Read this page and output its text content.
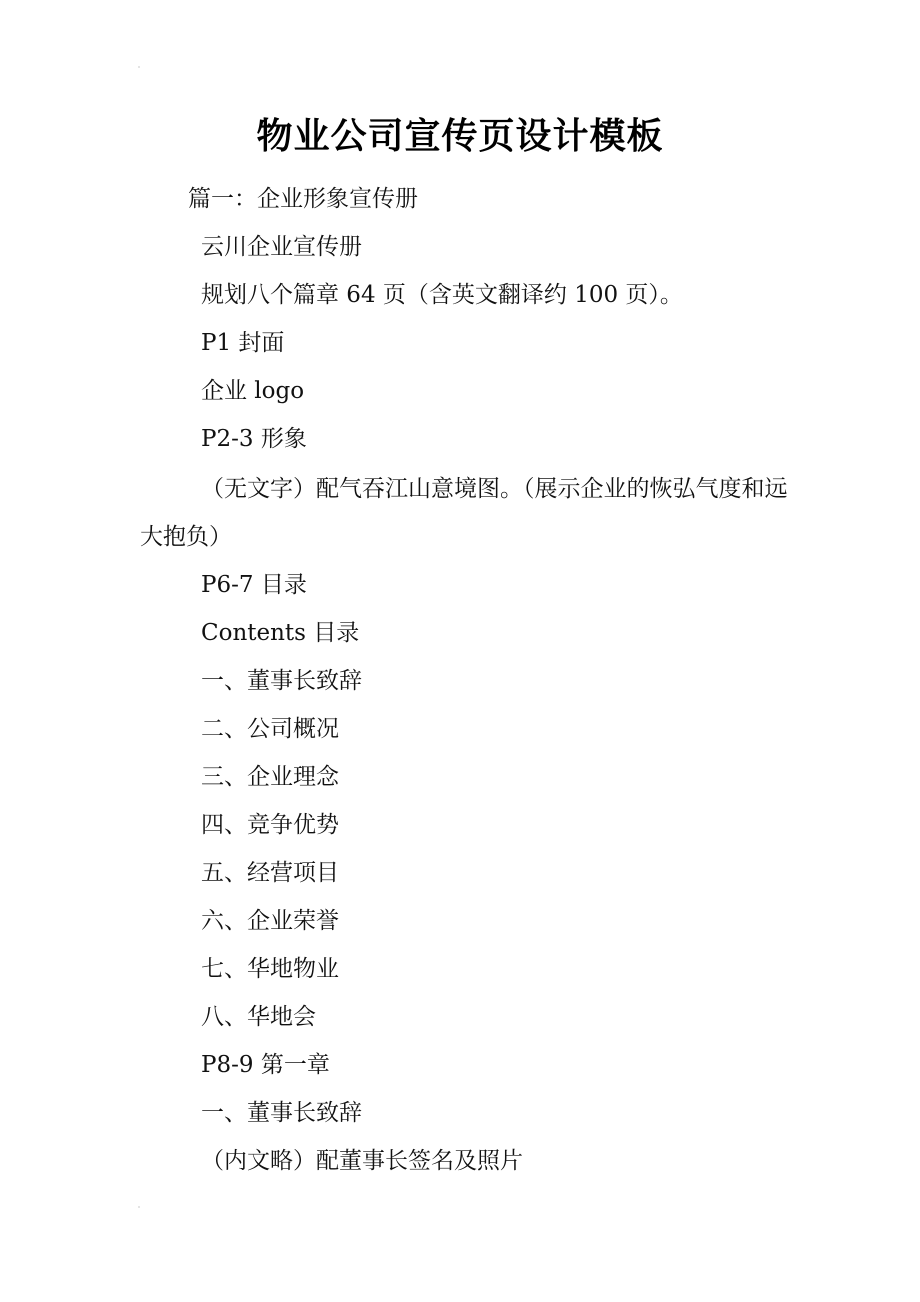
物业公司宣传页设计模板
篇一：企业形象宣传册
云川企业宣传册
规划八个篇章 64 页（含英文翻译约 100 页）。
P1 封面
企业 logo
P2-3 形象
（无文字）配气吞江山意境图。（展示企业的恢弘气度和远大抱负）
P6-7 目录
Contents 目录
一、董事长致辞
二、公司概况
三、企业理念
四、竞争优势
五、经营项目
六、企业荣誉
七、华地物业
八、华地会
P8-9 第一章
一、董事长致辞
（内文略）配董事长签名及照片
